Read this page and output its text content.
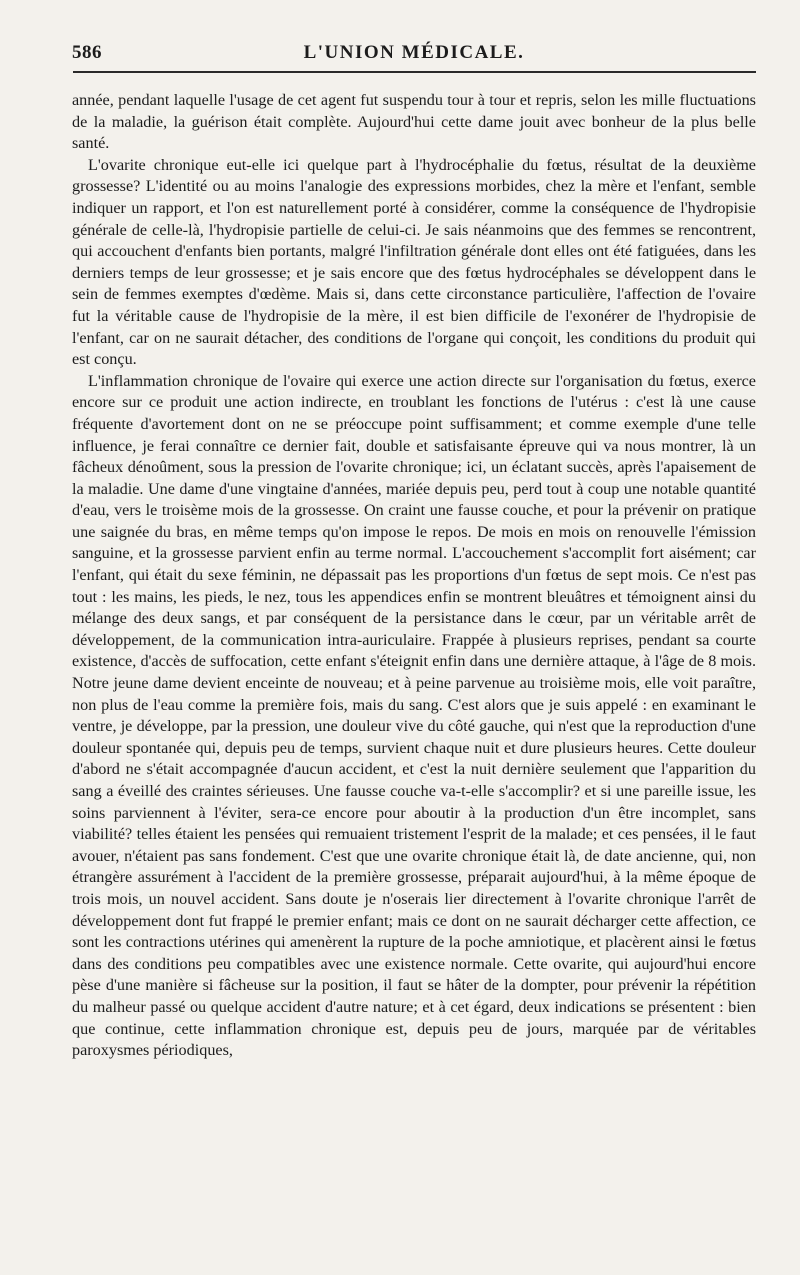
586	L'UNION MÉDICALE.

année, pendant laquelle l'usage de cet agent fut suspendu tour à tour et repris, selon les mille fluctuations de la maladie, la guérison était complète. Aujourd'hui cette dame jouit avec bonheur de la plus belle santé.

L'ovarite chronique eut-elle ici quelque part à l'hydrocéphalie du fœtus, résultat de la deuxième grossesse? L'identité ou au moins l'analogie des expressions morbides, chez la mère et l'enfant, semble indiquer un rapport, et l'on est naturellement porté à considérer, comme la conséquence de l'hydropisie générale de celle-là, l'hydropisie partielle de celui-ci. Je sais néanmoins que des femmes se rencontrent, qui accouchent d'enfants bien portants, malgré l'infiltration générale dont elles ont été fatiguées, dans les derniers temps de leur grossesse; et je sais encore que des fœtus hydrocéphales se développent dans le sein de femmes exemptes d'œdème. Mais si, dans cette circonstance particulière, l'affection de l'ovaire fut la véritable cause de l'hydropisie de la mère, il est bien difficile de l'exonérer de l'hydropisie de l'enfant, car on ne saurait détacher, des conditions de l'organe qui conçoit, les conditions du produit qui est conçu.

L'inflammation chronique de l'ovaire qui exerce une action directe sur l'organisation du fœtus, exerce encore sur ce produit une action indirecte, en troublant les fonctions de l'utérus : c'est là une cause fréquente d'avortement dont on ne se préoccupe point suffisamment; et comme exemple d'une telle influence, je ferai connaître ce dernier fait, double et satisfaisante épreuve qui va nous montrer, là un fâcheux dénoûment, sous la pression de l'ovarite chronique; ici, un éclatant succès, après l'apaisement de la maladie. Une dame d'une vingtaine d'années, mariée depuis peu, perd tout à coup une notable quantité d'eau, vers le troisème mois de la grossesse. On craint une fausse couche, et pour la prévenir on pratique une saignée du bras, en même temps qu'on impose le repos. De mois en mois on renouvelle l'émission sanguine, et la grossesse parvient enfin au terme normal. L'accouchement s'accomplit fort aisément; car l'enfant, qui était du sexe féminin, ne dépassait pas les proportions d'un fœtus de sept mois. Ce n'est pas tout : les mains, les pieds, le nez, tous les appendices enfin se montrent bleuâtres et témoignent ainsi du mélange des deux sangs, et par conséquent de la persistance dans le cœur, par un véritable arrêt de développement, de la communication intra-auriculaire. Frappée à plusieurs reprises, pendant sa courte existence, d'accès de suffocation, cette enfant s'éteignit enfin dans une dernière attaque, à l'âge de 8 mois. Notre jeune dame devient enceinte de nouveau; et à peine parvenue au troisième mois, elle voit paraître, non plus de l'eau comme la première fois, mais du sang. C'est alors que je suis appelé : en examinant le ventre, je développe, par la pression, une douleur vive du côté gauche, qui n'est que la reproduction d'une douleur spontanée qui, depuis peu de temps, survient chaque nuit et dure plusieurs heures. Cette douleur d'abord ne s'était accompagnée d'aucun accident, et c'est la nuit dernière seulement que l'apparition du sang a éveillé des craintes sérieuses. Une fausse couche va-t-elle s'accomplir? et si une pareille issue, les soins parviennent à l'éviter, sera-ce encore pour aboutir à la production d'un être incomplet, sans viabilité? telles étaient les pensées qui remuaient tristement l'esprit de la malade; et ces pensées, il le faut avouer, n'étaient pas sans fondement. C'est que une ovarite chronique était là, de date ancienne, qui, non étrangère assurément à l'accident de la première grossesse, préparait aujourd'hui, à la même époque de trois mois, un nouvel accident. Sans doute je n'oserais lier directement à l'ovarite chronique l'arrêt de développement dont fut frappé le premier enfant; mais ce dont on ne saurait décharger cette affection, ce sont les contractions utérines qui amenèrent la rupture de la poche amniotique, et placèrent ainsi le fœtus dans des conditions peu compatibles avec une existence normale. Cette ovarite, qui aujourd'hui encore pèse d'une manière si fâcheuse sur la position, il faut se hâter de la dompter, pour prévenir la répétition du malheur passé ou quelque accident d'autre nature; et à cet égard, deux indications se présentent : bien que continue, cette inflammation chronique est, depuis peu de jours, marquée par de véritables paroxysmes périodiques,
